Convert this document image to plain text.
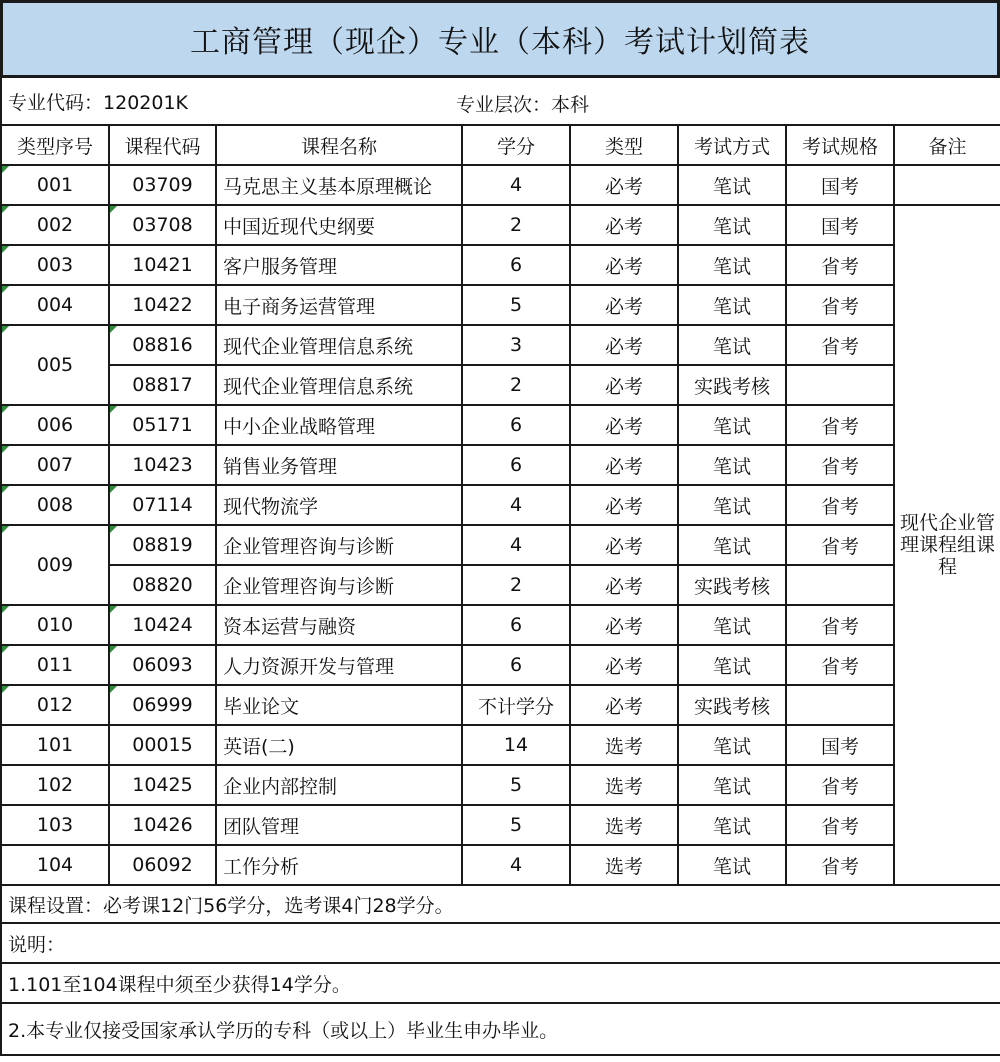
工商管理（现企）专业（本科）考试计划简表
专业代码：120201K 专业层次：本科							

类型序号	课程代码	课程名称	学分	类型	考试方式	考试规格	备注
001	03709	马克思主义基本原理概论	4	必考	笔试	国考	
002	03708	中国近现代史纲要	2	必考	笔试	国考	现代企业管理课程组课程
003	10421	客户服务管理	6	必考	笔试	省考	
004	10422	电子商务运营管理	5	必考	笔试	省考	
005	08816	现代企业管理信息系统	3	必考	笔试	省考	
	08817	现代企业管理信息系统	2	必考	实践考核		
006	05171	中小企业战略管理	6	必考	笔试	省考	
007	10423	销售业务管理	6	必考	笔试	省考	
008	07114	现代物流学	4	必考	笔试	省考	
009	08819	企业管理咨询与诊断	4	必考	笔试	省考	
	08820	企业管理咨询与诊断	2	必考	实践考核		
010	10424	资本运营与融资	6	必考	笔试	省考	
011	06093	人力资源开发与管理	6	必考	笔试	省考	
012	06999	毕业论文	不计学分	必考	实践考核		
101	00015	英语(二)	14	选考	笔试	国考	
102	10425	企业内部控制	5	选考	笔试	省考	
103	10426	团队管理	5	选考	笔试	省考	
104	06092	工作分析	4	选考	笔试	省考	
课程设置：必考课12门56学分，选考课4门28学分。							
说明：							
1.101至104课程中须至少获得14学分。							
2.本专业仅接受国家承认学历的专科（或以上）毕业生申办毕业。							
